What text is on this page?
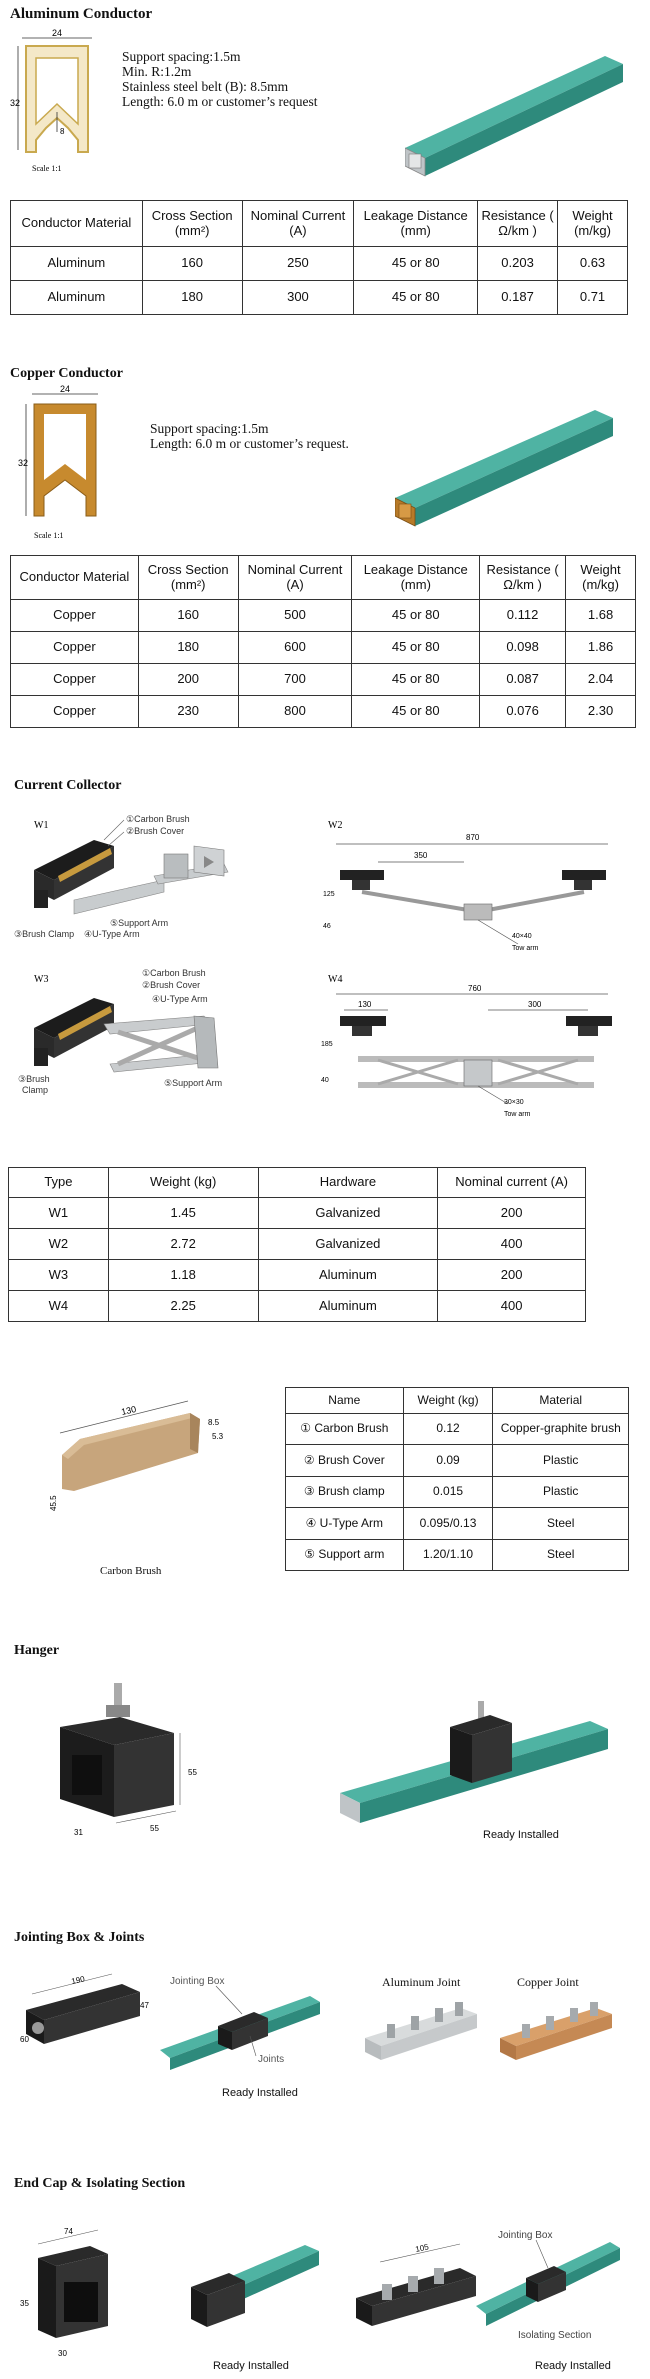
Aluminum Conductor
24
32
8
Scale 1:1
Support spacing:1.5m
Min. R:1.2m
Stainless steel belt (B): 8.5mm
Length: 6.0 m or customer’s request
Conductor Material	Cross Section (mm²)	Nominal Current (A)	Leakage Distance (mm)	Resistance ( Ω/km )	Weight (m/kg)
Aluminum	160	250	45 or 80	0.203	0.63
Aluminum	180	300	45 or 80	0.187	0.71
Copper Conductor
24
32
Scale 1:1
Support spacing:1.5m
Length: 6.0 m or customer’s request.
Conductor Material	Cross Section (mm²)	Nominal Current (A)	Leakage Distance (mm)	Resistance ( Ω/km )	Weight (m/kg)
Copper	160	500	45 or 80	0.112	1.68
Copper	180	600	45 or 80	0.098	1.86
Copper	200	700	45 or 80	0.087	2.04
Copper	230	800	45 or 80	0.076	2.30
Current Collector
W1
①Carbon Brush
②Brush Cover
⑤Support Arm
③Brush Clamp ④U-Type Arm
W2
870
350
125
46
40×40
Tow arm
W3
①Carbon Brush
②Brush Cover
④U-Type Arm
③Brush
Clamp
⑤Support Arm
W4
760
130	300
185
40
30×30
Tow arm
Type	Weight (kg)	Hardware	Nominal current (A)
W1	1.45	Galvanized	200
W2	2.72	Galvanized	400
W3	1.18	Aluminum	200
W4	2.25	Aluminum	400
130
8.5
5.3
45.5
Carbon Brush
Name	Weight (kg)	Material
① Carbon Brush	0.12	Copper-graphite brush
② Brush Cover	0.09	Plastic
③ Brush clamp	0.015	Plastic
④ U-Type Arm	0.095/0.13	Steel
⑤ Support arm	1.20/1.10	Steel
Hanger
55
31	55
Ready Installed
Jointing Box & Joints
190
47
60
Jointing Box
Joints
Ready Installed
Aluminum Joint	Copper Joint
End Cap & Isolating Section
74
35
30
Ready Installed
105
Jointing Box
Isolating Section
Ready Installed
